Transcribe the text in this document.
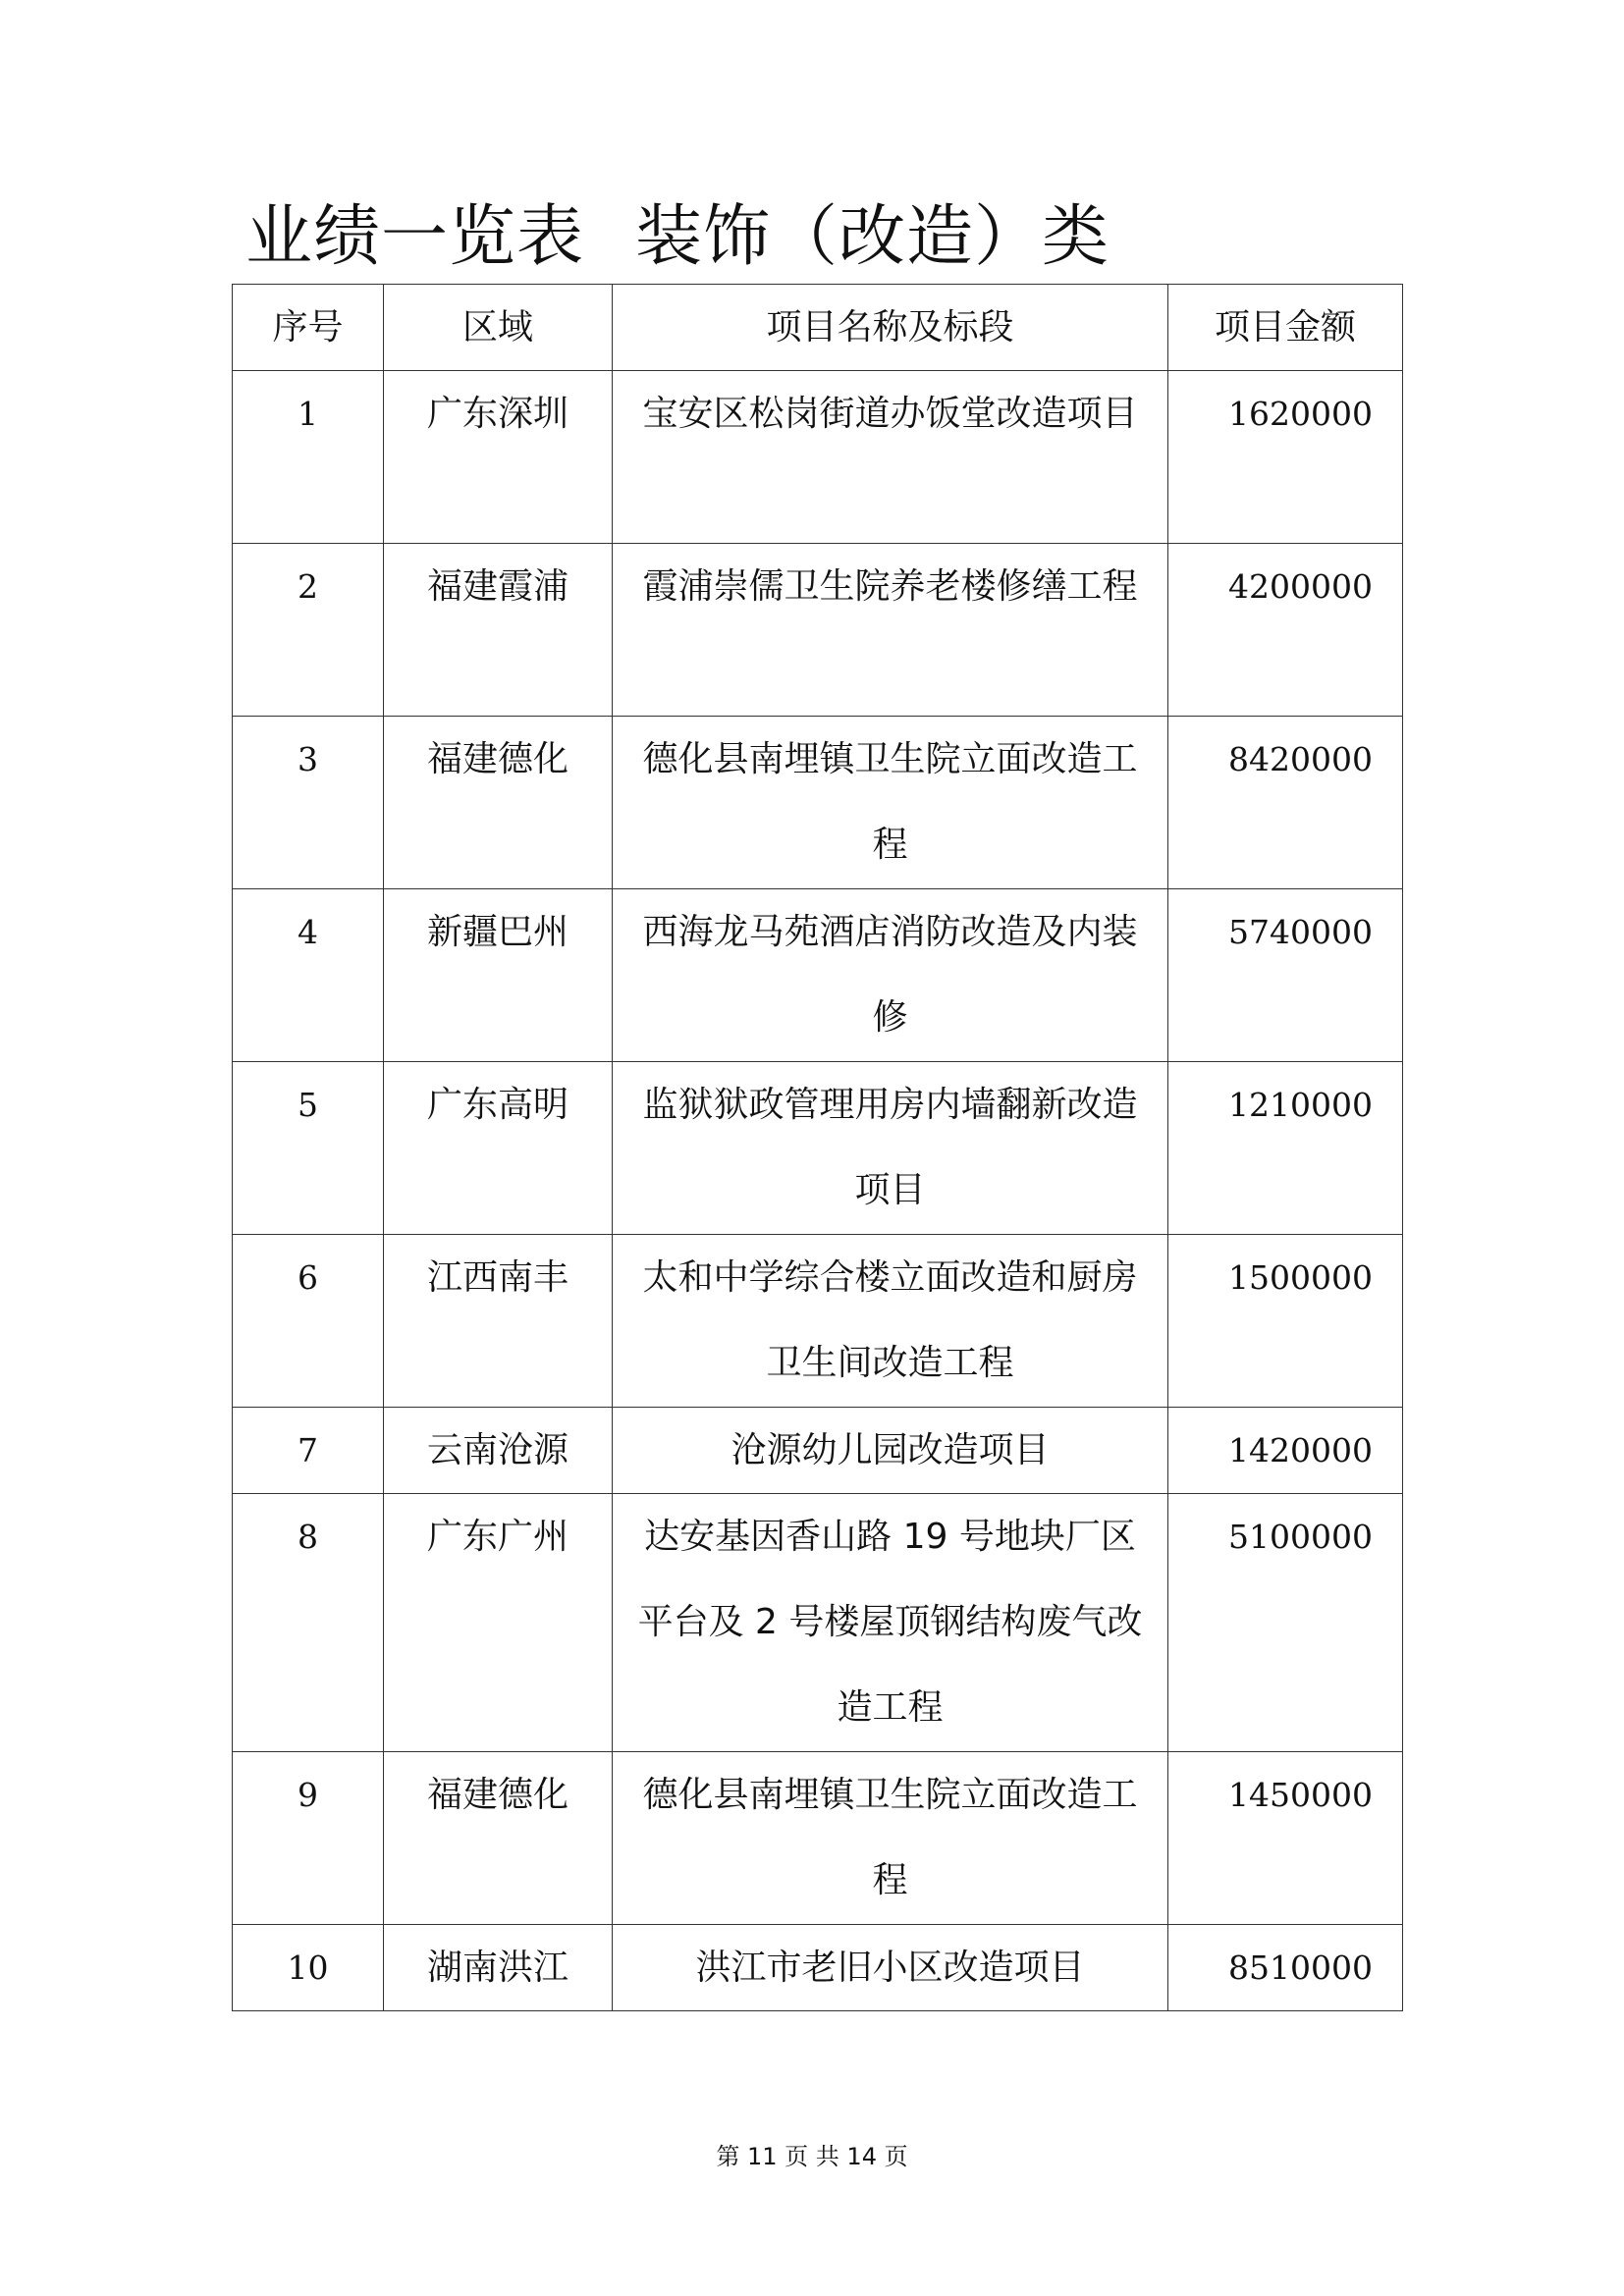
业绩一览表 装饰（改造）类
序号	区域	项目名称及标段	项目金额
1	广东深圳	宝安区松岗街道办饭堂改造项目	1620000
2	福建霞浦	霞浦崇儒卫生院养老楼修缮工程	4200000
3	福建德化	德化县南埋镇卫生院立面改造工程	8420000
4	新疆巴州	西海龙马苑酒店消防改造及内装修	5740000
5	广东高明	监狱狱政管理用房内墙翻新改造项目	1210000
6	江西南丰	太和中学综合楼立面改造和厨房卫生间改造工程	1500000
7	云南沧源	沧源幼儿园改造项目	1420000
8	广东广州	达安基因香山路 19 号地块厂区平台及 2 号楼屋顶钢结构废气改造工程	5100000
9	福建德化	德化县南埋镇卫生院立面改造工程	1450000
10	湖南洪江	洪江市老旧小区改造项目	8510000
第 11 页 共 14 页
